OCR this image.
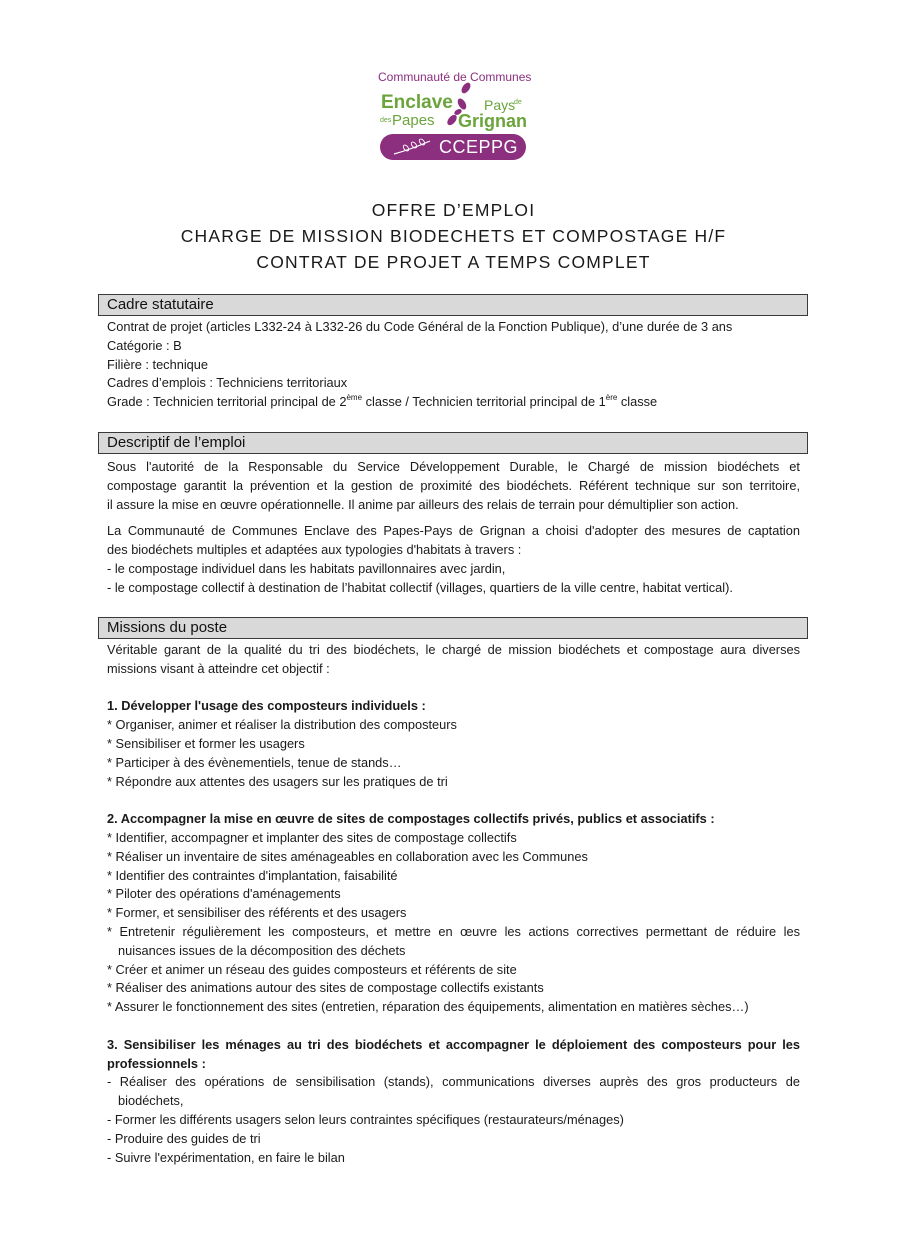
Communauté de Communes
Enclave Pays
de
des Papes Grignan
CCEPPG
OFFRE D’EMPLOI
CHARGE DE MISSION BIODECHETS ET COMPOSTAGE H/F
CONTRAT DE PROJET A TEMPS COMPLET
Cadre statutaire
Contrat de projet (articles L332-24 à L332-26 du Code Général de la Fonction Publique), d’une durée de 3 ans
Catégorie : B
Filière : technique
Cadres d’emplois : Techniciens territoriaux
Grade : Technicien territorial principal de 2ème classe / Technicien territorial principal de 1ère classe
Descriptif de l’emploi
Sous l'autorité de la Responsable du Service Développement Durable, le Chargé de mission biodéchets et
compostage garantit la prévention et la gestion de proximité des biodéchets. Référent technique sur son territoire,
il assure la mise en œuvre opérationnelle. Il anime par ailleurs des relais de terrain pour démultiplier son action.
La Communauté de Communes Enclave des Papes-Pays de Grignan a choisi d'adopter des mesures de captation
des biodéchets multiples et adaptées aux typologies d'habitats à travers :
- le compostage individuel dans les habitats pavillonnaires avec jardin,
- le compostage collectif à destination de l’habitat collectif (villages, quartiers de la ville centre, habitat vertical).
Missions du poste
Véritable garant de la qualité du tri des biodéchets, le chargé de mission biodéchets et compostage aura diverses
missions visant à atteindre cet objectif :
1. Développer l'usage des composteurs individuels :
* Organiser, animer et réaliser la distribution des composteurs
* Sensibiliser et former les usagers
* Participer à des évènementiels, tenue de stands…
* Répondre aux attentes des usagers sur les pratiques de tri
2. Accompagner la mise en œuvre de sites de compostages collectifs privés, publics et associatifs :
* Identifier, accompagner et implanter des sites de compostage collectifs
* Réaliser un inventaire de sites aménageables en collaboration avec les Communes
* Identifier des contraintes d'implantation, faisabilité
* Piloter des opérations d'aménagements
* Former, et sensibiliser des référents et des usagers
* Entretenir régulièrement les composteurs, et mettre en œuvre les actions correctives permettant de réduire les
nuisances issues de la décomposition des déchets
* Créer et animer un réseau des guides composteurs et référents de site
* Réaliser des animations autour des sites de compostage collectifs existants
* Assurer le fonctionnement des sites (entretien, réparation des équipements, alimentation en matières sèches…)
3. Sensibiliser les ménages au tri des biodéchets et accompagner le déploiement des composteurs pour les
professionnels :
- Réaliser des opérations de sensibilisation (stands), communications diverses auprès des gros producteurs de
biodéchets,
- Former les différents usagers selon leurs contraintes spécifiques (restaurateurs/ménages)
- Produire des guides de tri
- Suivre l'expérimentation, en faire le bilan
